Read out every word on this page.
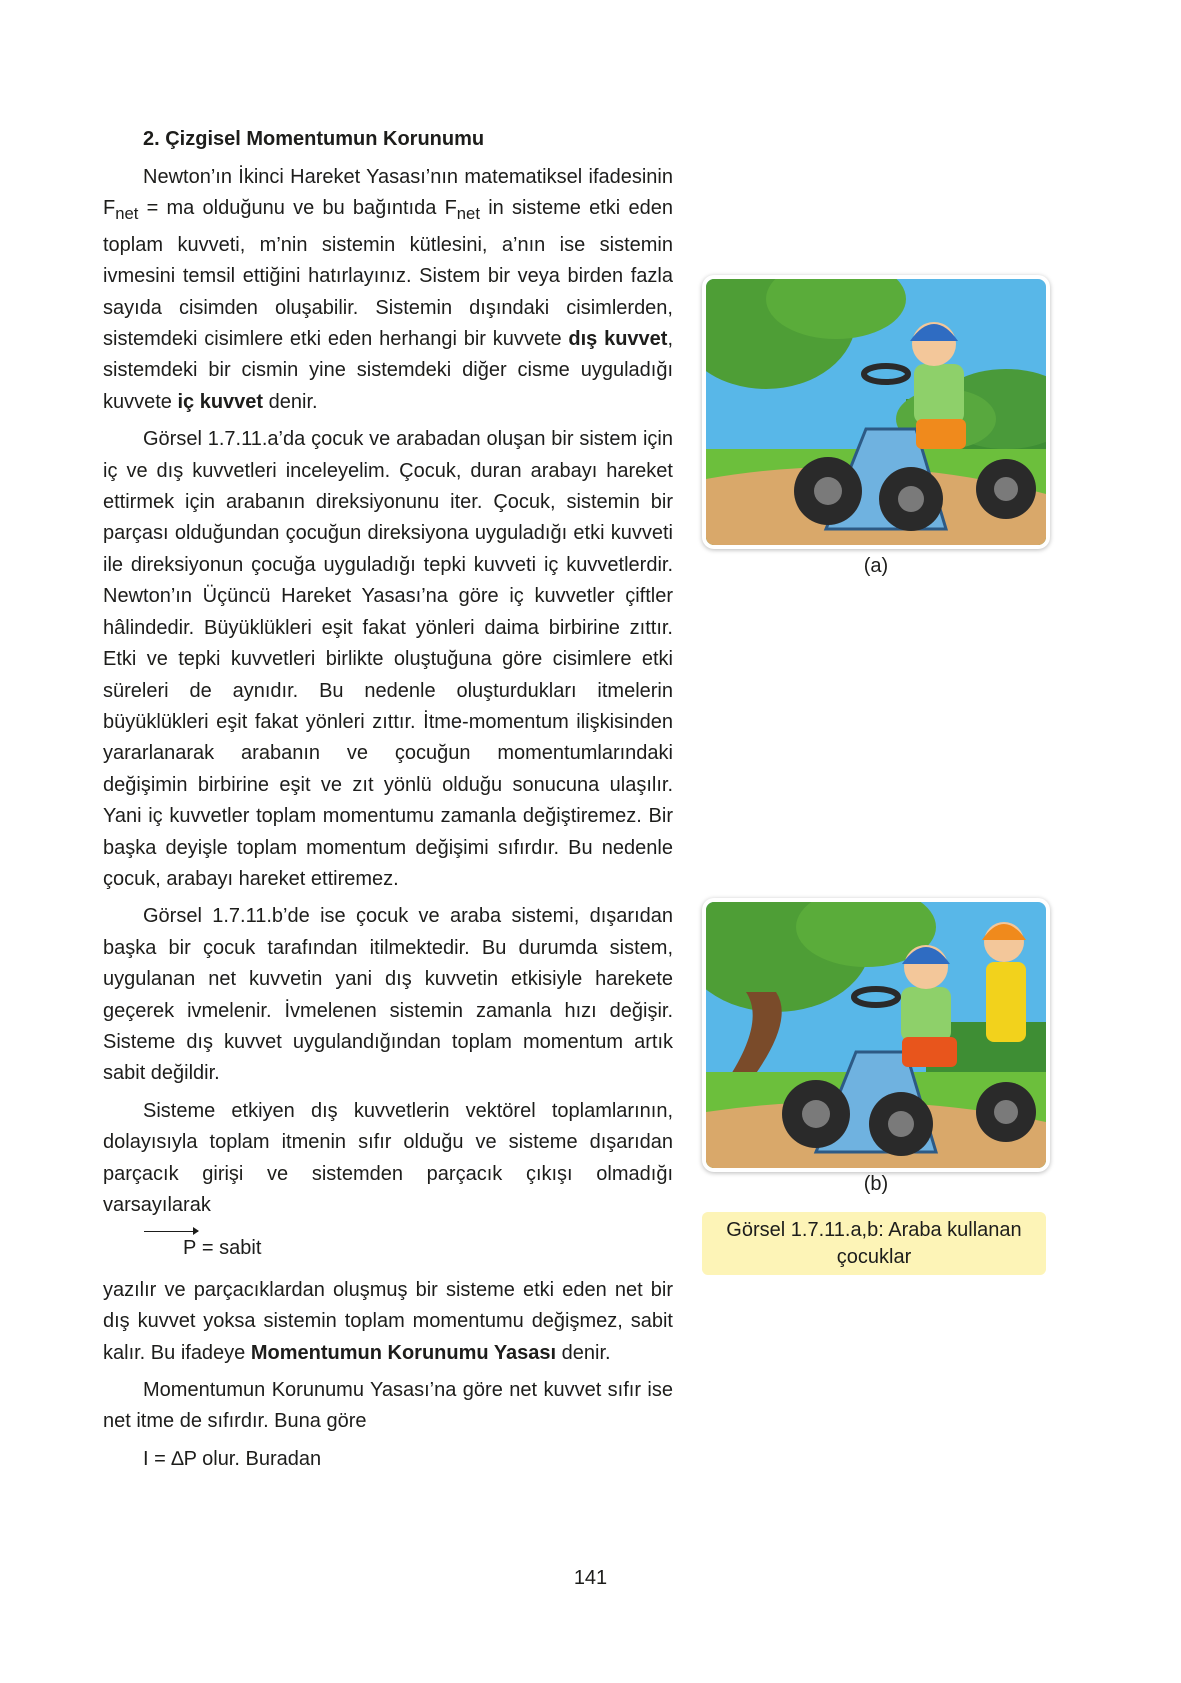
2. Çizgisel Momentumun Korunumu

Newton’ın İkinci Hareket Yasası’nın matematiksel ifadesinin $F_{net}$ = ma olduğunu ve bu bağıntıda $F_{net}$ in sisteme etki eden toplam kuvveti, m’nin sistemin kütlesini, a’nın ise sistemin ivmesini temsil ettiğini hatırlayınız. Sistem bir veya birden fazla sayıda cisimden oluşabilir. Sistemin dışındaki cisimlerden, sistemdeki cisimlere etki eden herhangi bir kuvvete dış kuvvet, sistemdeki bir cismin yine sistemdeki diğer cisme uyguladığı kuvvete iç kuvvet denir.

Görsel 1.7.11.a’da çocuk ve arabadan oluşan bir sistem için iç ve dış kuvvetleri inceleyelim. Çocuk, duran arabayı hareket ettirmek için arabanın direksiyonunu iter. Çocuk, sistemin bir parçası olduğundan çocuğun direksiyona uyguladığı etki kuvveti ile direksiyonun çocuğa uyguladığı tepki kuvveti iç kuvvetlerdir. Newton’ın Üçüncü Hareket Yasası’na göre iç kuvvetler çiftler hâlindedir. Büyüklükleri eşit fakat yönleri daima birbirine zıttır. Etki ve tepki kuvvetleri birlikte oluştuğuna göre cisimlere etki süreleri de aynıdır. Bu nedenle oluşturdukları itmelerin büyüklükleri eşit fakat yönleri zıttır. İtme-momentum ilişkisinden yararlanarak arabanın ve çocuğun momentumlarındaki değişimin birbirine eşit ve zıt yönlü olduğu sonucuna ulaşılır. Yani iç kuvvetler toplam momentumu zamanla değiştiremez. Bir başka deyişle toplam momentum değişimi sıfırdır. Bu nedenle çocuk, arabayı hareket ettiremez.

Görsel 1.7.11.b’de ise çocuk ve araba sistemi, dışarıdan başka bir çocuk tarafından itilmektedir. Bu durumda sistem, uygulanan net kuvvetin yani dış kuvvetin etkisiyle harekete geçerek ivmelenir. İvmelenen sistemin zamanla hızı değişir. Sisteme dış kuvvet uygulandığından toplam momentum artık sabit değildir.

Sisteme etkiyen dış kuvvetlerin vektörel toplamlarının, dolayısıyla toplam itmenin sıfır olduğu ve sisteme dışarıdan parçacık girişi ve sistemden parçacık çıkışı olmadığı varsayılarak

P = sabit

yazılır ve parçacıklardan oluşmuş bir sisteme etki eden net bir dış kuvvet yoksa sistemin toplam momentumu değişmez, sabit kalır. Bu ifadeye Momentumun Korunumu Yasası denir.

Momentumun Korunumu Yasası’na göre net kuvvet sıfır ise net itme de sıfırdır. Buna göre

I = ∆P olur. Buradan

(a)
(b)
Görsel 1.7.11.a,b: Araba kullanan
çocuklar
141
